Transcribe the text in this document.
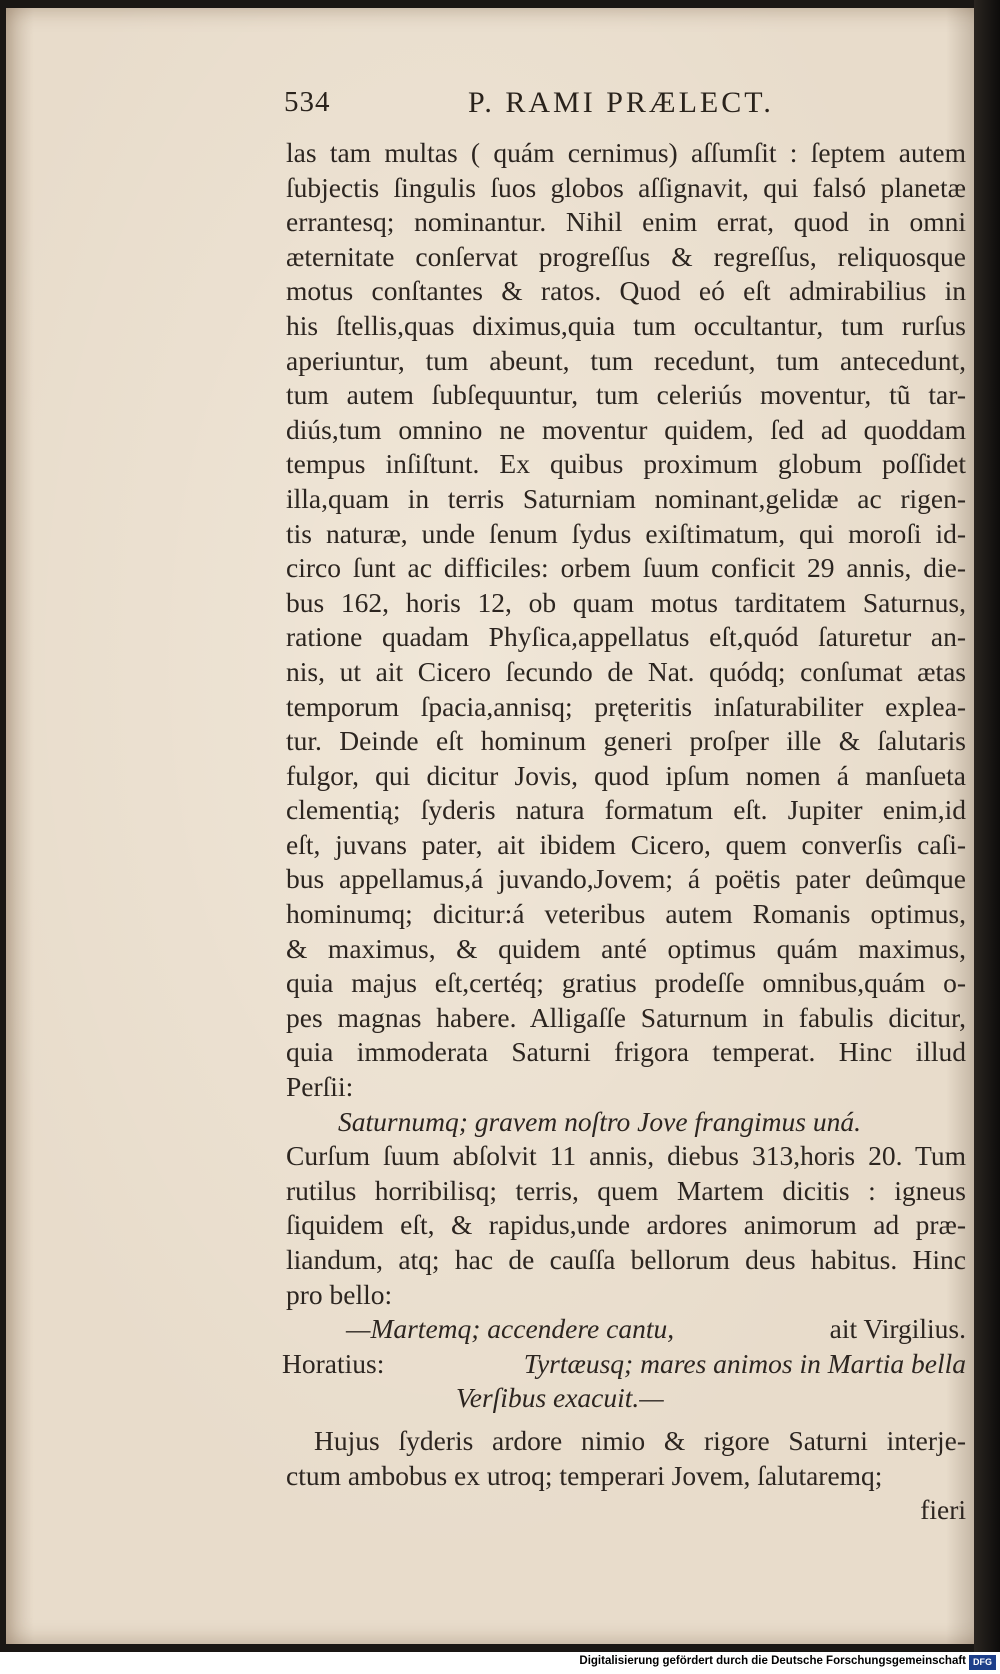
534	P. RAMI PRÆLECT.
las tam multas ( quám cernimus) aſſumſit : ſeptem autem
ſubjectis ſingulis ſuos globos aſſignavit, qui falsó planetæ
errantesq; nominantur. Nihil enim errat, quod in omni
æternitate conſervat progreſſus & regreſſus, reliquosque
motus conſtantes & ratos. Quod eó eſt admirabilius in
his ſtellis,quas diximus,quia tum occultantur, tum rurſus
aperiuntur, tum abeunt, tum recedunt, tum antecedunt,
tum autem ſubſequuntur, tum celeriús moventur, tũ tar-
diús,tum omnino ne moventur quidem, ſed ad quoddam
tempus inſiſtunt. Ex quibus proximum globum poſſidet
illa,quam in terris Saturniam nominant,gelidæ ac rigen-
tis naturæ, unde ſenum ſydus exiſtimatum, qui moroſi id-
circo ſunt ac difficiles: orbem ſuum conficit 29 annis, die-
bus 162, horis 12, ob quam motus tarditatem Saturnus,
ratione quadam Phyſica,appellatus eſt,quód ſaturetur an-
nis, ut ait Cicero ſecundo de Nat. quódq; conſumat ætas
temporum ſpacia,annisq; pręteritis inſaturabiliter explea-
tur. Deinde eſt hominum generi proſper ille & ſalutaris
fulgor, qui dicitur Jovis, quod ipſum nomen á manſueta
clementią; ſyderis natura formatum eſt. Jupiter enim,id
eſt, juvans pater, ait ibidem Cicero, quem converſis caſi-
bus appellamus,á juvando,Jovem; á poëtis pater deûmque
hominumq; dicitur:á veteribus autem Romanis optimus,
& maximus, & quidem anté optimus quám maximus,
quia majus eſt,certéq; gratius prodeſſe omnibus,quám o-
pes magnas habere. Alligaſſe Saturnum in fabulis dicitur,
quia immoderata Saturni frigora temperat. Hinc illud
Perſii:
Saturnumq; gravem noſtro Jove frangimus uná.
Curſum ſuum abſolvit 11 annis, diebus 313,horis 20. Tum
rutilus horribilisq; terris, quem Martem dicitis : igneus
ſiquidem eſt, & rapidus,unde ardores animorum ad præ-
liandum, atq; hac de cauſſa bellorum deus habitus. Hinc
pro bello:
—Martemq; accendere cantu,	ait Virgilius.
Horatius:	Tyrtæusq; mares animos in Martia bella
Verſibus exacuit.—
Hujus ſyderis ardore nimio & rigore Saturni interje-
ctum ambobus ex utroq; temperari Jovem, ſalutaremq;
fieri
Digitalisierung gefördert durch die Deutsche Forschungsgemeinschaft DFG
